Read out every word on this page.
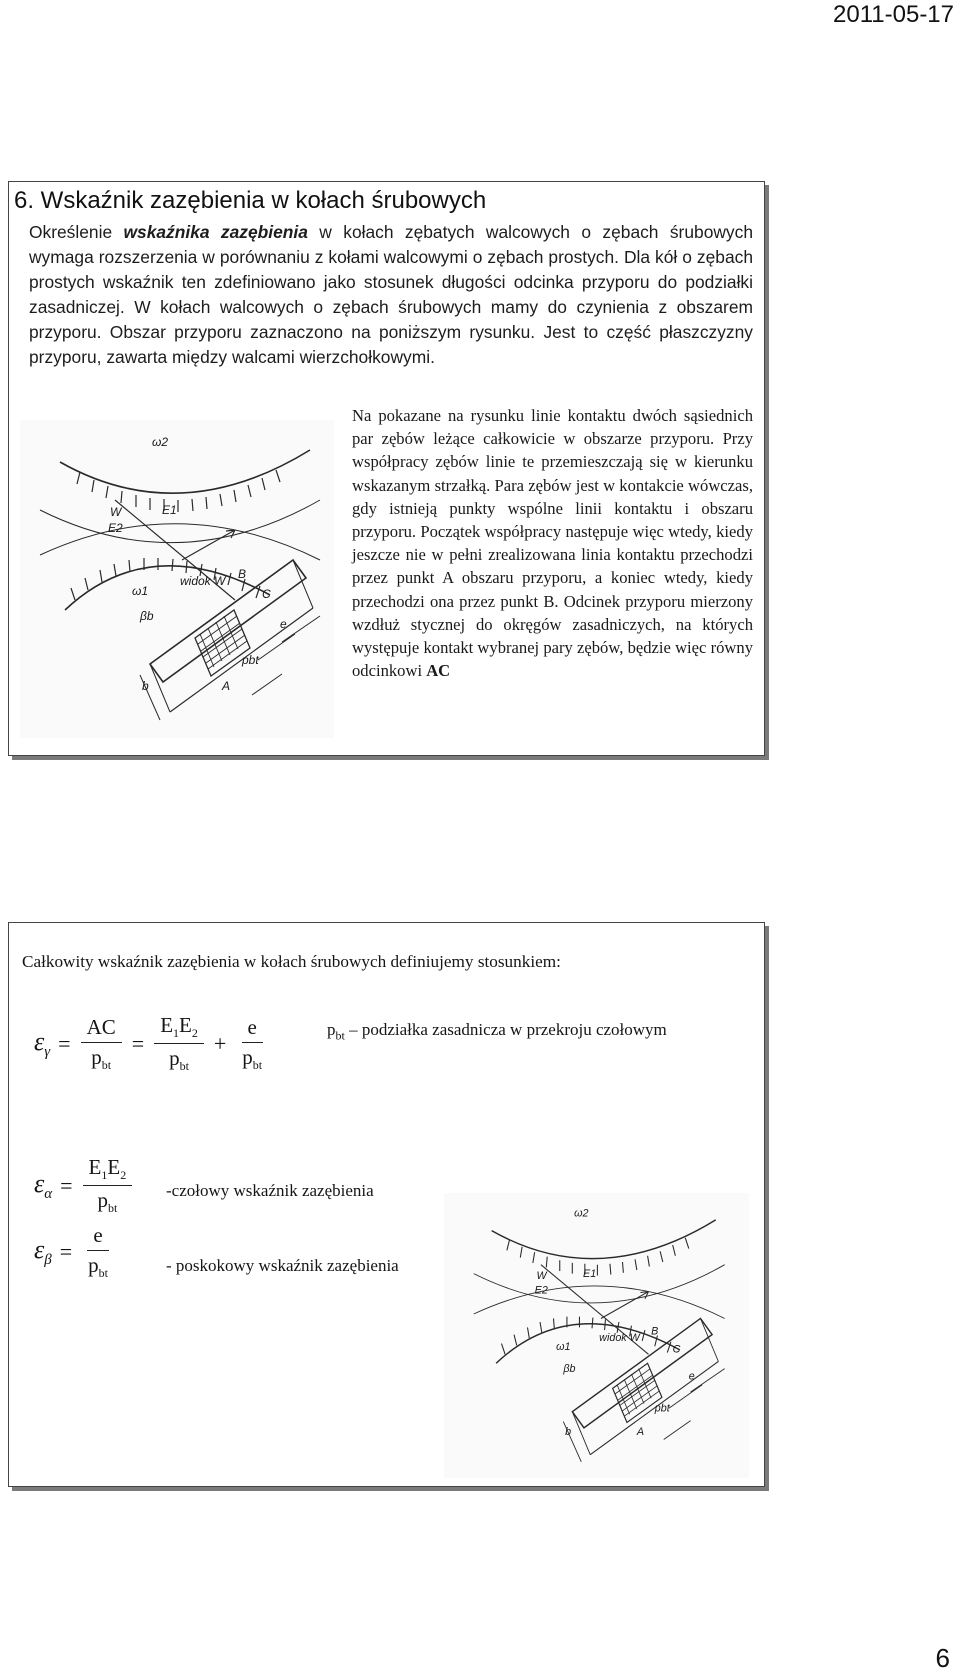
2011-05-17
6. Wskaźnik zazębienia w kołach śrubowych
Określenie wskaźnika zazębienia w kołach zębatych walcowych o zębach śrubowych wymaga rozszerzenia w porównaniu z kołami walcowymi o zębach prostych. Dla kół o zębach prostych wskaźnik ten zdefiniowano jako stosunek długości odcinka przyporu do podziałki zasadniczej. W kołach walcowych o zębach śrubowych mamy do czynienia z obszarem przyporu. Obszar przyporu zaznaczono na poniższym rysunku. Jest to część płaszczyzny przyporu, zawarta między walcami wierzchołkowymi.
ω2
W
E2
E1
widok W B
C
e
ω1
βb
b	A
pbt
Na pokazane na rysunku linie kontaktu dwóch sąsiednich par zębów leżące całkowicie w obszarze przyporu. Przy współpracy zębów linie te przemieszczają się w kierunku wskazanym strzałką. Para zębów jest w kontakcie wówczas, gdy istnieją punkty wspólne linii kontaktu i obszaru przyporu. Początek współpracy następuje więc wtedy, kiedy jeszcze nie w pełni zrealizowana linia kontaktu przechodzi przez punkt A obszaru przyporu, a koniec wtedy, kiedy przechodzi ona przez punkt B. Odcinek przyporu mierzony wzdłuż stycznej do okręgów zasadniczych, na których występuje kontakt wybranej pary zębów, będzie więc równy odcinkowi AC
Całkowity wskaźnik zazębienia w kołach śrubowych definiujemy stosunkiem:
$\varepsilon_\gamma = \frac{AC}{p_{bt}} = \frac{E_1E_2}{p_{bt}} + \frac{e}{p_{bt}}$	$p_{bt}$ – podziałka zasadnicza w przekroju czołowym
$\varepsilon_\alpha = \frac{E_1E_2}{p_{bt}}$ -czołowy wskaźnik zazębienia
$\varepsilon_\beta = \frac{e}{p_{bt}}$	- poskokowy wskaźnik zazębienia
ω2
W
E2
E1
widok W
B
C
e
ω1
βb
b	A
pbt
6
